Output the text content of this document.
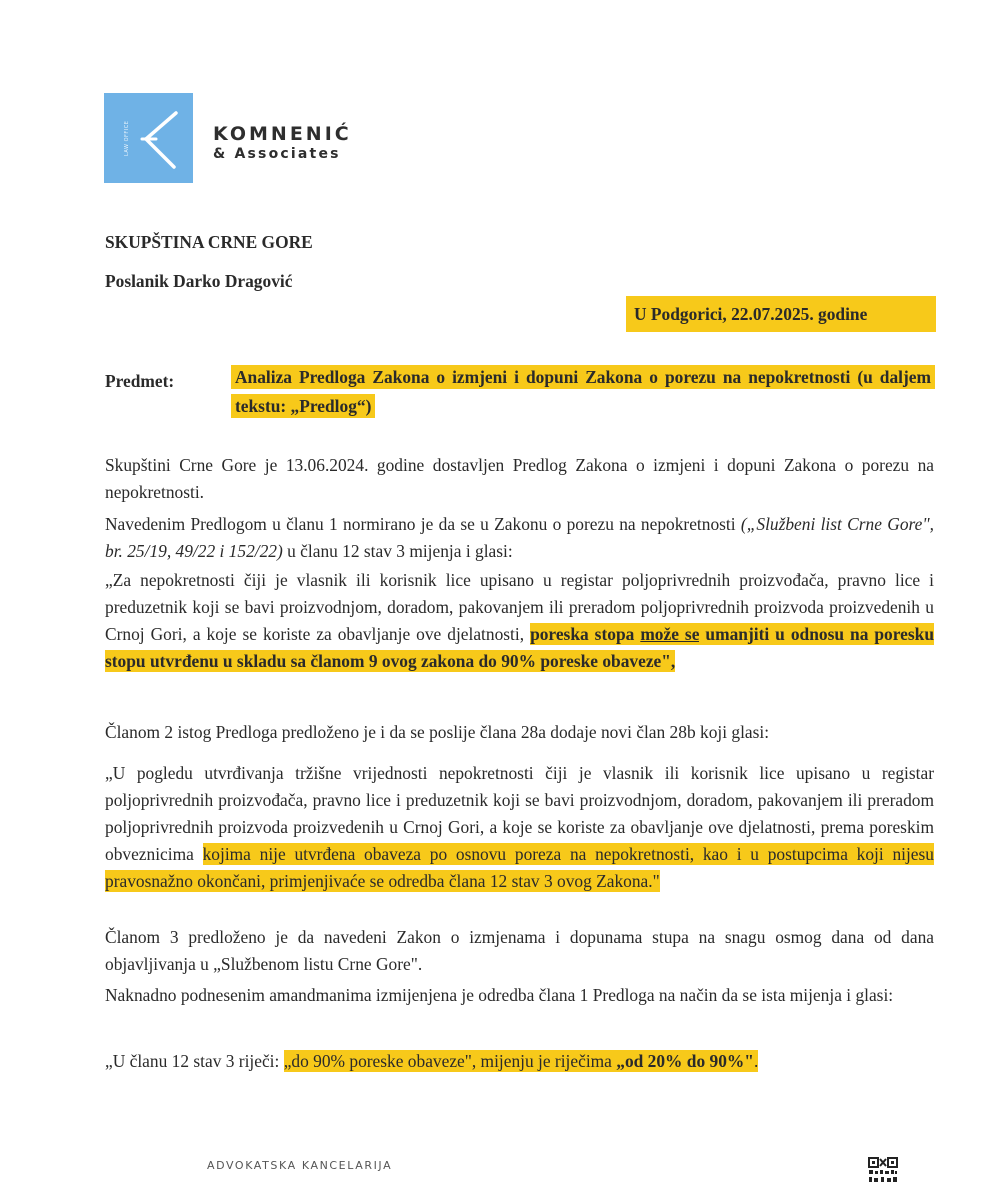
LAW OFFICE	KOMNENIĆ
& Associates
SKUPŠTINA CRNE GORE
Poslanik Darko Dragović
U Podgorici, 22.07.2025. godine
Predmet:	Analiza Predloga Zakona o izmjeni i dopuni Zakona o porezu na nepokretnosti (u daljem tekstu: „Predlog“)
Skupštini Crne Gore je 13.06.2024. godine dostavljen Predlog Zakona o izmjeni i dopuni Zakona o porezu na nepokretnosti.
Navedenim Predlogom u članu 1 normirano je da se u Zakonu o porezu na nepokretnosti („Službeni list Crne Gore", br. 25/19, 49/22 i 152/22) u članu 12 stav 3 mijenja i glasi:
„Za nepokretnosti čiji je vlasnik ili korisnik lice upisano u registar poljoprivrednih proizvođača, pravno lice i preduzetnik koji se bavi proizvodnjom, doradom, pakovanjem ili preradom poljoprivrednih proizvoda proizvedenih u Crnoj Gori, a koje se koriste za obavljanje ove djelatnosti, poreska stopa može se umanjiti u odnosu na poresku stopu utvrđenu u skladu sa članom 9 ovog zakona do 90% poreske obaveze",
Članom 2 istog Predloga predloženo je i da se poslije člana 28a dodaje novi član 28b koji glasi:
„U pogledu utvrđivanja tržišne vrijednosti nepokretnosti čiji je vlasnik ili korisnik lice upisano u registar poljoprivrednih proizvođača, pravno lice i preduzetnik koji se bavi proizvodnjom, doradom, pakovanjem ili preradom poljoprivrednih proizvoda proizvedenih u Crnoj Gori, a koje se koriste za obavljanje ove djelatnosti, prema poreskim obveznicima kojima nije utvrđena obaveza po osnovu poreza na nepokretnosti, kao i u postupcima koji nijesu pravosnažno okončani, primjenjivaće se odredba člana 12 stav 3 ovog Zakona."
Članom 3 predloženo je da navedeni Zakon o izmjenama i dopunama stupa na snagu osmog dana od dana objavljivanja u „Službenom listu Crne Gore".
Naknadno podnesenim amandmanima izmijenjena je odredba člana 1 Predloga na način da se ista mijenja i glasi:
„U članu 12 stav 3 riječi: „do 90% poreske obaveze", mijenju je riječima „od 20% do 90%".
ADVOKATSKA KANCELARIJA
